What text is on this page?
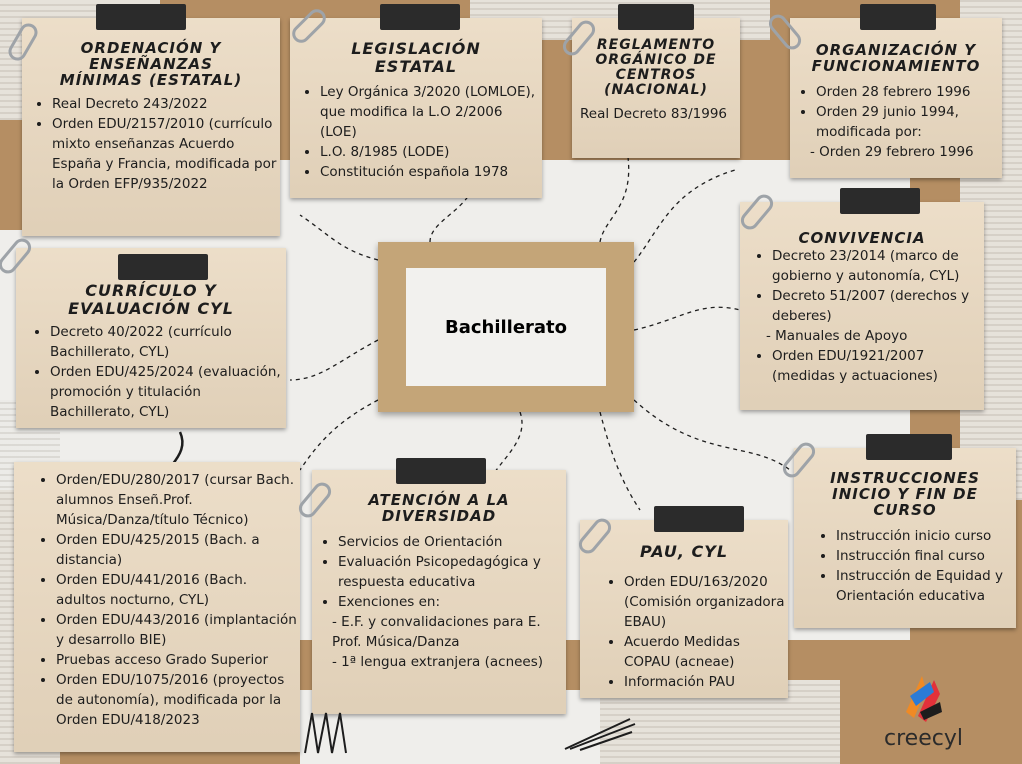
ORDENACIÓN Y
ENSEÑANZAS
MÍNIMAS (ESTATAL)
• Real Decreto 243/2022
• Orden EDU/2157/2010 (currículo mixto enseñanzas Acuerdo España y Francia, modificada por la Orden EFP/935/2022
LEGISLACIÓN
ESTATAL
• Ley Orgánica 3/2020 (LOMLOE), que modifica la L.O 2/2006 (LOE)
• L.O. 8/1985 (LODE)
• Constitución española 1978
REGLAMENTO
ORGÁNICO DE
CENTROS
(NACIONAL)
Real Decreto 83/1996
ORGANIZACIÓN Y
FUNCIONAMIENTO
• Orden 28 febrero 1996
• Orden 29 junio 1994, modificada por:
- Orden 29 febrero 1996
CONVIVENCIA
• Decreto 23/2014 (marco de gobierno y autonomía, CYL)
• Decreto 51/2007 (derechos y deberes)
- Manuales de Apoyo
• Orden EDU/1921/2007 (medidas y actuaciones)
CURRÍCULO Y
EVALUACIÓN CYL
• Decreto 40/2022 (currículo Bachillerato, CYL)
• Orden EDU/425/2024 (evaluación, promoción y titulación Bachillerato, CYL)
• Orden/EDU/280/2017 (cursar Bach. alumnos Enseñ.Prof. Música/Danza/título Técnico)
• Orden EDU/425/2015 (Bach. a distancia)
• Orden EDU/441/2016 (Bach. adultos nocturno, CYL)
• Orden EDU/443/2016 (implantación y desarrollo BIE)
• Pruebas acceso Grado Superior
• Orden EDU/1075/2016 (proyectos de autonomía), modificada por la Orden EDU/418/2023
ATENCIÓN A LA
DIVERSIDAD
• Servicios de Orientación
• Evaluación Psicopedagógica y respuesta educativa
• Exenciones en:
- E.F. y convalidaciones para E. Prof. Música/Danza
- 1ª lengua extranjera (acnees)
PAU, CYL
• Orden EDU/163/2020 (Comisión organizadora EBAU)
• Acuerdo Medidas COPAU (acneae)
• Información PAU
INSTRUCCIONES
INICIO Y FIN DE
CURSO
• Instrucción inicio curso
• Instrucción final curso
• Instrucción de Equidad y Orientación educativa
Bachillerato
creecyl
